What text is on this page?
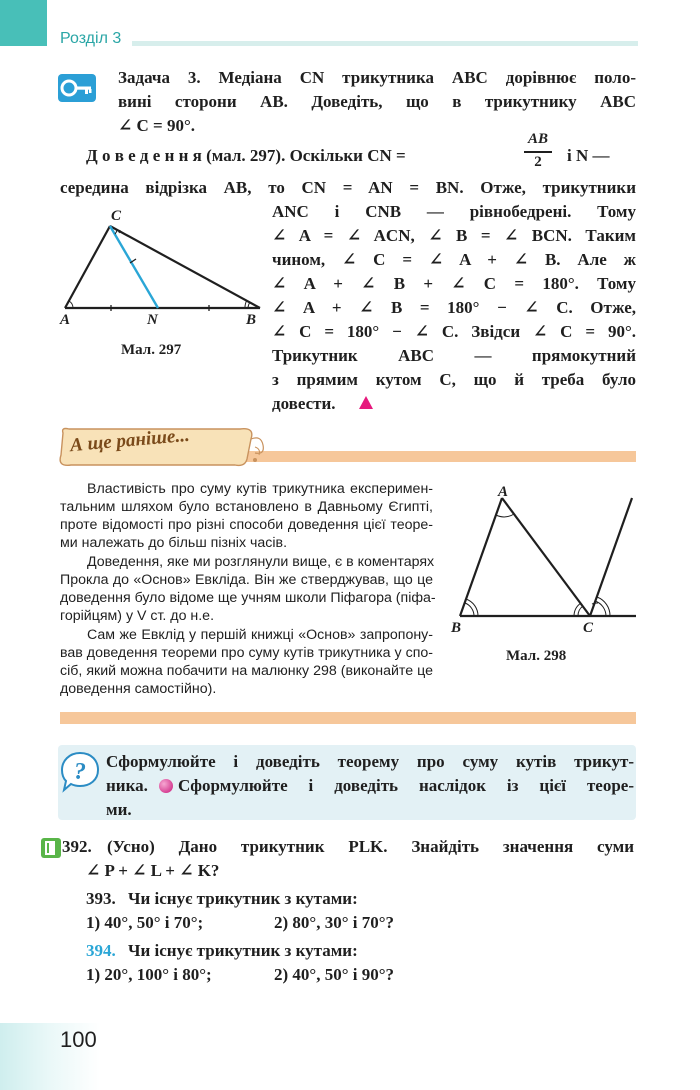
Розділ 3
Задача 3. Медіана CN трикутника ABC дорівнює поло-
вині сторони AB. Доведіть, що в трикутнику ABC
∠ C = 90°.
Д о в е д е н н я (мал. 297). Оскільки CN =
AB
2	і N —
середина відрізка AB, то CN = AN = BN. Отже, трикутники
ANC і CNB — рівнобедрені. Тому
∠ A = ∠ ACN, ∠ B = ∠ BCN. Таким
чином, ∠ C = ∠ A + ∠ B. Але ж
∠ A + ∠ B + ∠ C = 180°. Тому
∠ A + ∠ B = 180° − ∠ C. Отже,
∠ C = 180° − ∠ C. Звідси ∠ C = 90°.
Трикутник ABC — прямокутний
з прямим кутом C, що й треба було
довести.
C
A	N	B
Мал. 297
А ще раніше...
Властивість про суму кутів трикутника експеримен-
тальним шляхом було встановлено в Давньому Єгипті,
проте відомості про різні способи доведення цієї теоре-
ми належать до більш пізніх часів.
Доведення, яке ми розглянули вище, є в коментарях
Прокла до «Основ» Евкліда. Він же стверджував, що це
доведення було відоме ще учням школи Піфагора (піфа-
горійцям) у V ст. до н.е.
Сам же Евклід у першій книжці «Основ» запропону-
вав доведення теореми про суму кутів трикутника у спо-
сіб, який можна побачити на малюнку 298 (виконайте це
доведення самостійно).
A
B	C
Мал. 298
? Сформулюйте і доведіть теорему про суму кутів трикут-
ника. Сформулюйте і доведіть наслідок із цієї теоре-
ми.
392. (Усно) Дано трикутник PLK. Знайдіть значення суми
∠ P + ∠ L + ∠ K?
393. Чи існує трикутник з кутами:
1) 40°, 50° і 70°;	2) 80°, 30° і 70°?
394. Чи існує трикутник з кутами:
1) 20°, 100° і 80°;	2) 40°, 50° і 90°?
100
